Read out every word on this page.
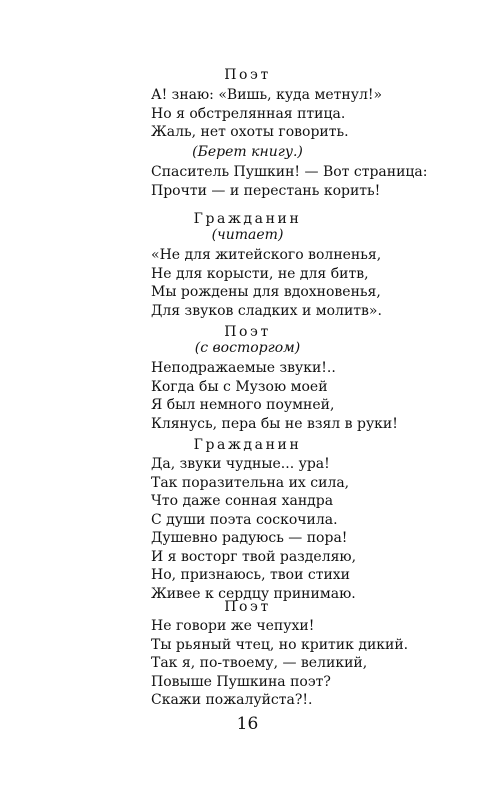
Поэт
А! знаю: «Вишь, куда метнул!»
Но я обстрелянная птица.
Жаль, нет охоты говорить.
(Берет книгу.)
Спаситель Пушкин! — Вот страница:
Прочти — и перестань корить!
Гражданин
(читает)
«Не для житейского волненья,
Не для корысти, не для битв,
Мы рождены для вдохновенья,
Для звуков сладких и молитв».
Поэт
(с восторгом)
Неподражаемые звуки!..
Когда бы с Музою моей
Я был немного поумней,
Клянусь, пера бы не взял в руки!
Гражданин
Да, звуки чудные... ура!
Так поразительна их сила,
Что даже сонная хандра
С души поэта соскочила.
Душевно радуюсь — пора!
И я восторг твой разделяю,
Но, признаюсь, твои стихи
Живее к сердцу принимаю.
Поэт
Не говори же чепухи!
Ты рьяный чтец, но критик дикий.
Так я, по-твоему, — великий,
Повыше Пушкина поэт?
Скажи пожалуйста?!.
16
